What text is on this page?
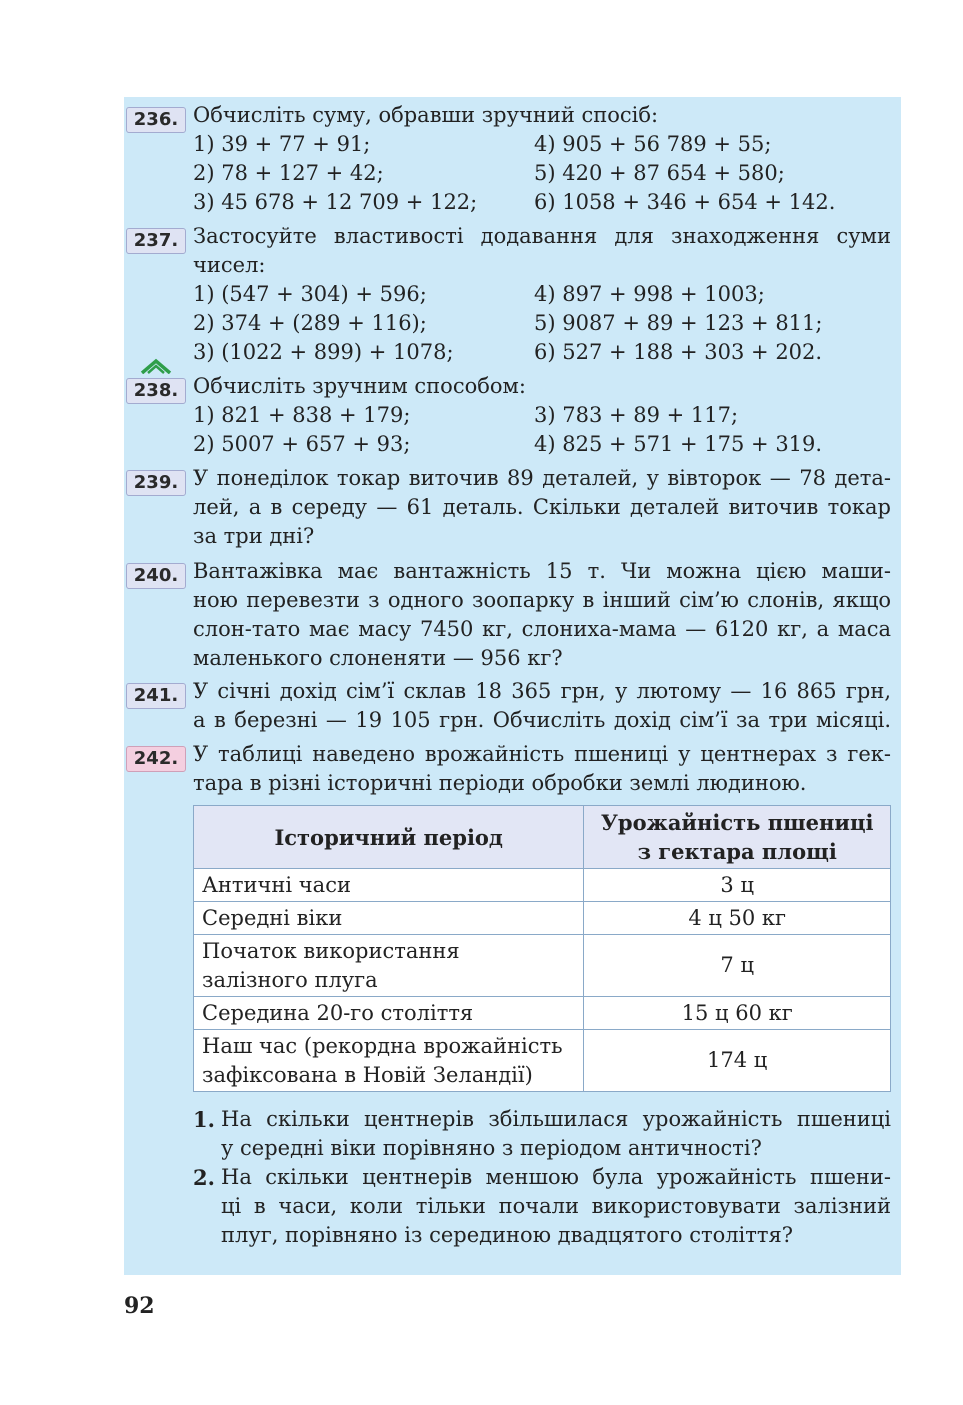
236. Обчисліть суму, обравши зручний спосіб:
1) 39 + 77 + 91;	4) 905 + 56 789 + 55;
2) 78 + 127 + 42;	5) 420 + 87 654 + 580;
3) 45 678 + 12 709 + 122;	6) 1058 + 346 + 654 + 142.
237. Застосуйте властивості додавання для знаходження суми
чисел:
1) (547 + 304) + 596;	4) 897 + 998 + 1003;
2) 374 + (289 + 116);	5) 9087 + 89 + 123 + 811;
3) (1022 + 899) + 1078;	6) 527 + 188 + 303 + 202.
238. Обчисліть зручним способом:
1) 821 + 838 + 179;	3) 783 + 89 + 117;
2) 5007 + 657 + 93;	4) 825 + 571 + 175 + 319.
239. У понеділок токар виточив 89 деталей, у вівторок — 78 дета-
лей, а в середу — 61 деталь. Скільки деталей виточив токар
за три дні?
240. Вантажівка має вантажність 15 т. Чи можна цією маши-
ною перевезти з одного зоопарку в інший сім’ю слонів, якщо
слон-тато має масу 7450 кг, слониха-мама — 6120 кг, а маса
маленького слоненяти — 956 кг?
241. У січні дохід сім’ї склав 18 365 грн, у лютому — 16 865 грн,
а в березні — 19 105 грн. Обчисліть дохід сім’ї за три місяці.
242. У таблиці наведено врожайність пшениці у центнерах з гек-
тара в різні історичні періоди обробки землі людиною.
Історичний період	Урожайність пшениці
з гектара площі

Античні часи	3 ц
Середні віки	4 ц 50 кг

Початок використання
залізного плуга	7 ц
Середина 20-го століття	15 ц 60 кг

Наш час (рекордна врожайність
зафіксована в Новій Зеландії)	174 ц
1. На скільки центнерів збільшилася урожайність пшениці
у середні віки порівняно з періодом античності?
2. На скільки центнерів меншою була урожайність пшени-
ці в часи, коли тільки почали використовувати залізний
плуг, порівняно із серединою двадцятого століття?
92
